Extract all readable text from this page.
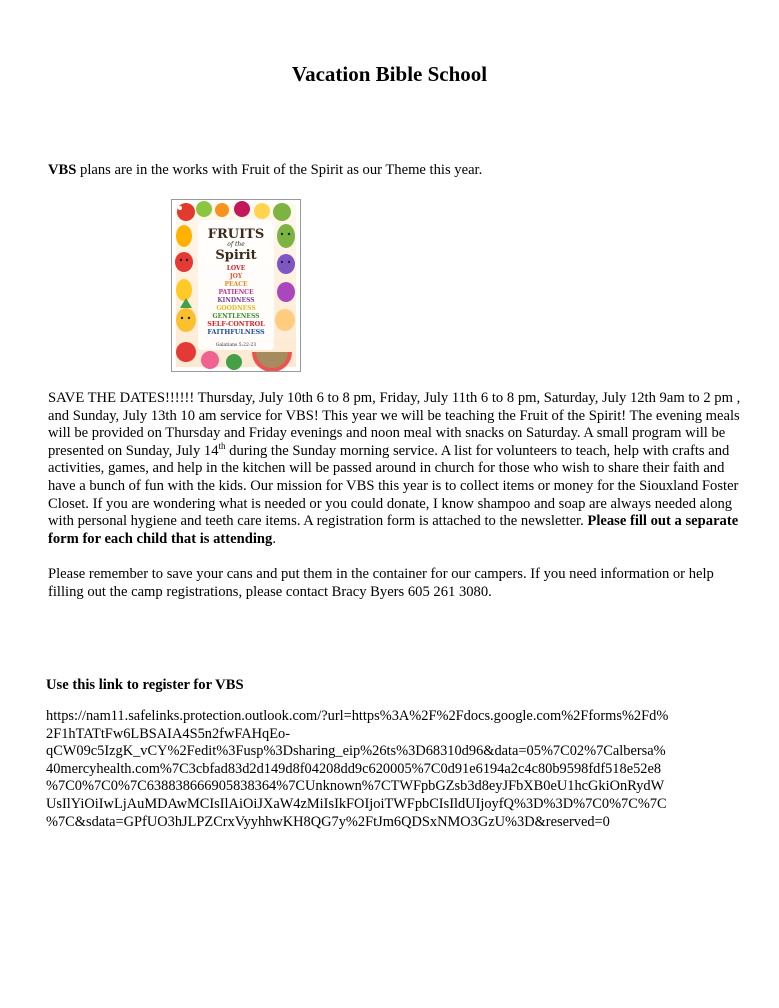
Vacation Bible School

VBS plans are in the works with Fruit of the Spirit as our Theme this year.

FRUITS
of the
Spirit
LOVE
JOY
PEACE
PATIENCE
KINDNESS
GOODNESS
GENTLENESS
SELF-CONTROL
FAITHFULNESS
Galatians 5:22-23

SAVE THE DATES!!!!!! Thursday, July 10th 6 to 8 pm, Friday, July 11th 6 to 8 pm, Saturday, July 12th 9am to 2 pm , and Sunday, July 13th 10 am service for VBS! This year we will be teaching the Fruit of the Spirit! The evening meals will be provided on Thursday and Friday evenings and noon meal with snacks on Saturday. A small program will be presented on Sunday, July 14th during the Sunday morning service. A list for volunteers to teach, help with crafts and activities, games, and help in the kitchen will be passed around in church for those who wish to share their faith and have a bunch of fun with the kids. Our mission for VBS this year is to collect items or money for the Siouxland Foster Closet. If you are wondering what is needed or you could donate, I know shampoo and soap are always needed along with personal hygiene and teeth care items. A registration form is attached to the newsletter. Please fill out a separate form for each child that is attending.

Please remember to save your cans and put them in the container for our campers. If you need information or help filling out the camp registrations, please contact Bracy Byers 605 261 3080.

Use this link to register for VBS

https://nam11.safelinks.protection.outlook.com/?url=https%3A%2F%2Fdocs.google.com%2Fforms%2Fd%
2F1hTATtFw6LBSAIA4S5n2fwFAHqEo-
qCW09c5IzgK_vCY%2Fedit%3Fusp%3Dsharing_eip%26ts%3D68310d96&data=05%7C02%7Calbersa%
40mercyhealth.com%7C3cbfad83d2d149d8f04208dd9c620005%7C0d91e6194a2c4c80b9598fdf518e52e8
%7C0%7C0%7C638838666905838364%7CUnknown%7CTWFpbGZsb3d8eyJFbXB0eU1hcGkiOnRydW
UsIlYiOiIwLjAuMDAwMCIsIlAiOiJXaW4zMiIsIkFOIjoiTWFpbCIsIldUIjoyfQ%3D%3D%7C0%7C%7C
%7C&sdata=GPfUO3hJLPZCrxVyyhhwKH8QG7y%2FtJm6QDSxNMO3GzU%3D&reserved=0
